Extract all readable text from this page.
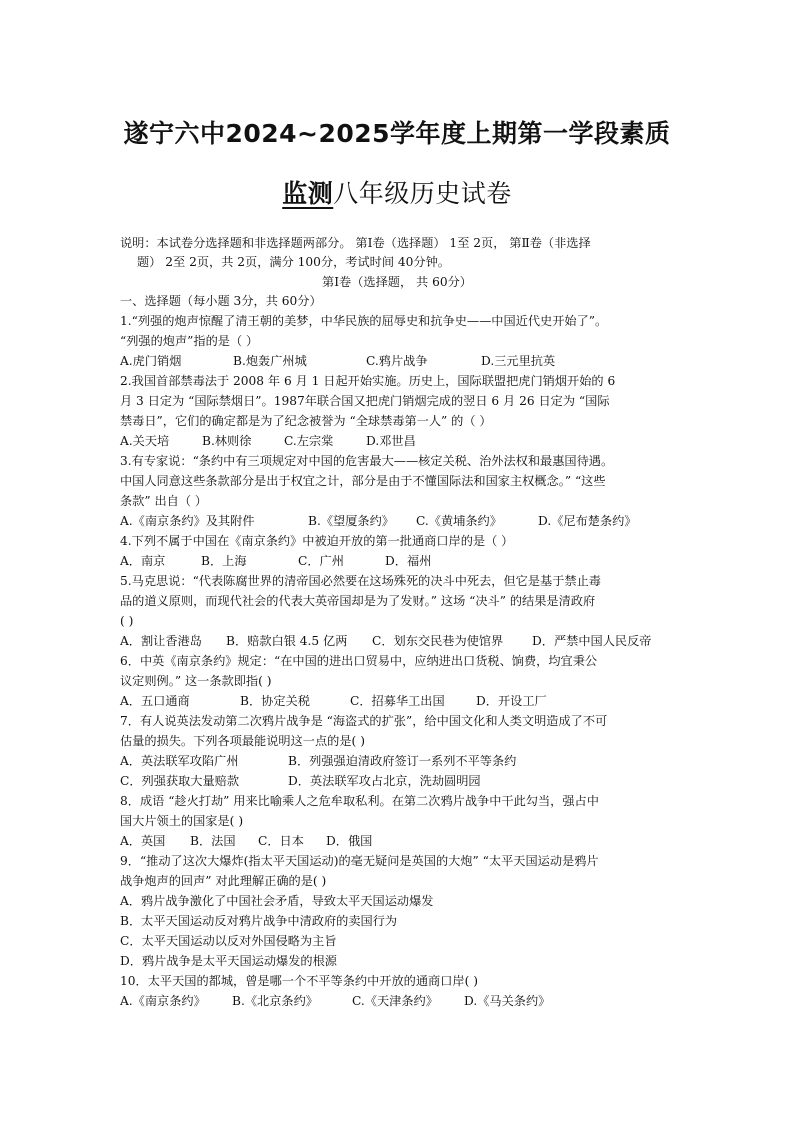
遂宁六中2024~2025学年度上期第一学段素质
监测八年级历史试卷
说明：本试卷分选择题和非选择题两部分。 第Ⅰ卷（选择题） 1至 2页， 第Ⅱ卷（非选择
题） 2至 2页，共 2页，满分 100分，考试时间 40分钟。
第Ⅰ卷（选择题， 共 60分）
一、选择题（每小题 3分，共 60分）
1.“列强的炮声惊醒了清王朝的美梦，中华民族的屈辱史和抗争史——中国近代史开始了”。
“列强的炮声”指的是（ ）
A.虎门销烟	B.炮轰广州城	C.鸦片战争	D.三元里抗英
2.我国首部禁毒法于 2008 年 6 月 1 日起开始实施。历史上，国际联盟把虎门销烟开始的 6
月 3 日定为 “国际禁烟日”。1987年联合国又把虎门销烟完成的翌日 6 月 26 日定为 “国际
禁毒日”，它们的确定都是为了纪念被誉为 “全球禁毒第一人” 的（ ）
A.关天培	B.林则徐	C.左宗棠	D.邓世昌
3.有专家说：“条约中有三项规定对中国的危害最大——核定关税、治外法权和最惠国待遇。
中国人同意这些条款部分是出于权宜之计，部分是由于不懂国际法和国家主权概念。” “这些
条款” 出自（ ）
A.《南京条约》及其附件	B.《望厦条约》 C.《黄埔条约》	D.《尼布楚条约》
4.下列不属于中国在《南京条约》中被迫开放的第一批通商口岸的是（ ）
A．南京	B．上海	C．广州	D．福州
5.马克思说：“代表陈腐世界的清帝国必然要在这场殊死的决斗中死去，但它是基于禁止毒
品的道义原则，而现代社会的代表大英帝国却是为了发财。” 这场 “决斗” 的结果是清政府
( )
A．割让香港岛 B．赔款白银 4.5 亿两 C．划东交民巷为使馆界 D．严禁中国人民反帝
6．中英《南京条约》规定：“在中国的进出口贸易中，应纳进出口货税、饷费，均宜秉公
议定则例。” 这一条款即指( )
A．五口通商	B．协定关税	C．招募华工出国	D．开设工厂
7．有人说英法发动第二次鸦片战争是 “海盗式的扩张”，给中国文化和人类文明造成了不可
估量的损失。下列各项最能说明这一点的是( )
A．英法联军攻陷广州	B．列强强迫清政府签订一系列不平等条约
C．列强获取大量赔款	D．英法联军攻占北京，洗劫圆明园
8．成语 “趁火打劫” 用来比喻乘人之危牟取私利。在第二次鸦片战争中干此勾当，强占中
国大片领土的国家是( )
A．英国 B．法国 C．日本 D．俄国
9．“推动了这次大爆炸(指太平天国运动)的毫无疑问是英国的大炮” “太平天国运动是鸦片
战争炮声的回声” 对此理解正确的是( )
A．鸦片战争激化了中国社会矛盾，导致太平天国运动爆发
B．太平天国运动反对鸦片战争中清政府的卖国行为
C．太平天国运动以反对外国侵略为主旨
D．鸦片战争是太平天国运动爆发的根源
10．太平天国的都城，曾是哪一个不平等条约中开放的通商口岸( )
A.《南京条约》 B.《北京条约》	C.《天津条约》 D.《马关条约》
